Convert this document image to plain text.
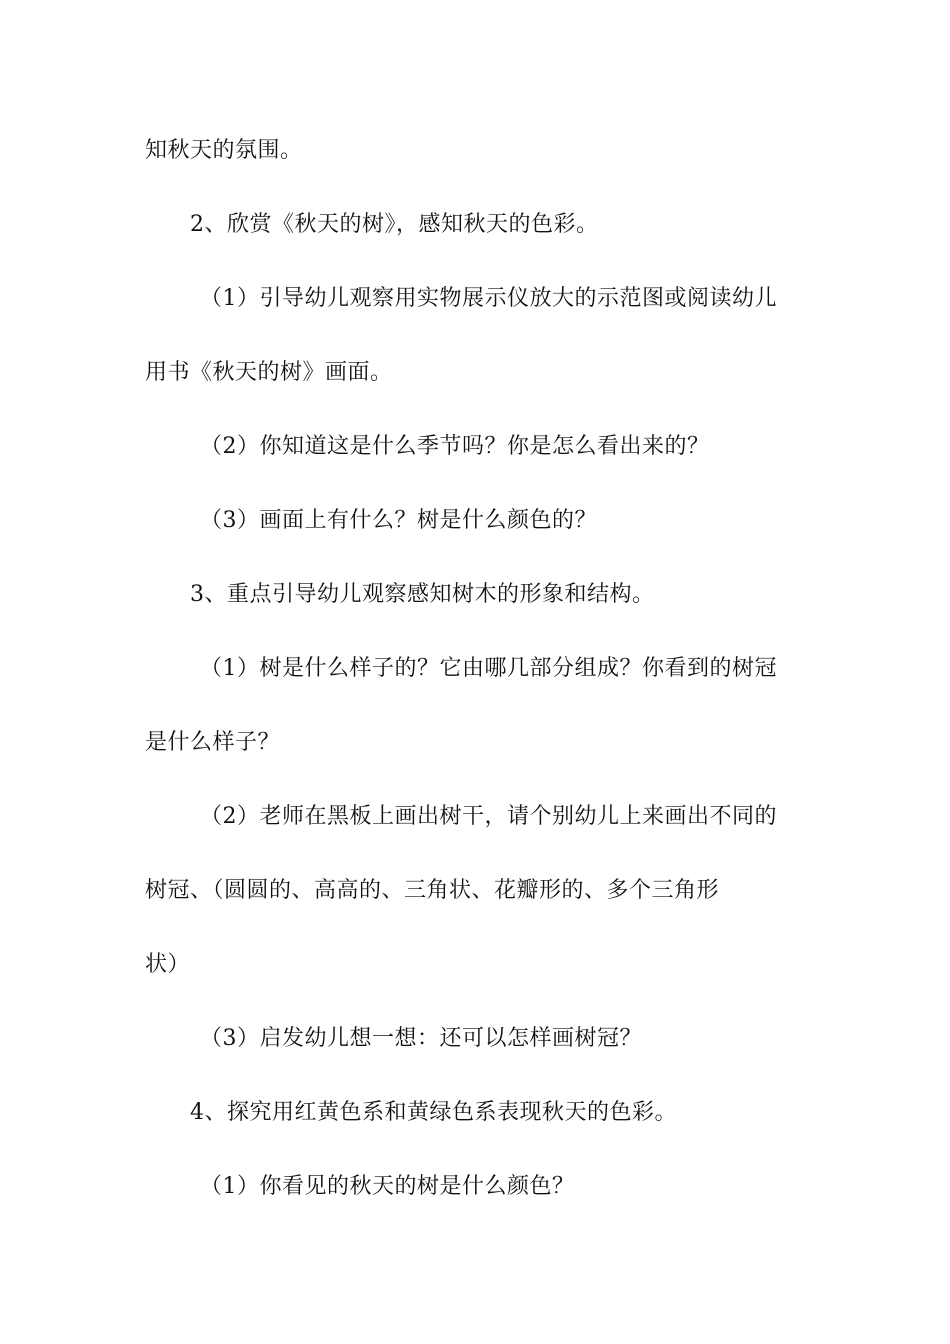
知秋天的氛围。
2、欣赏《秋天的树》，感知秋天的色彩。
（1）引导幼儿观察用实物展示仪放大的示范图或阅读幼儿
用书《秋天的树》画面。
（2）你知道这是什么季节吗？你是怎么看出来的？
（3）画面上有什么？树是什么颜色的？
3、重点引导幼儿观察感知树木的形象和结构。
（1）树是什么样子的？它由哪几部分组成？你看到的树冠
是什么样子？
（2）老师在黑板上画出树干，请个别幼儿上来画出不同的
树冠、（圆圆的、高高的、三角状、花瓣形的、多个三角形
状）
（3）启发幼儿想一想：还可以怎样画树冠？
4、探究用红黄色系和黄绿色系表现秋天的色彩。
（1）你看见的秋天的树是什么颜色？
